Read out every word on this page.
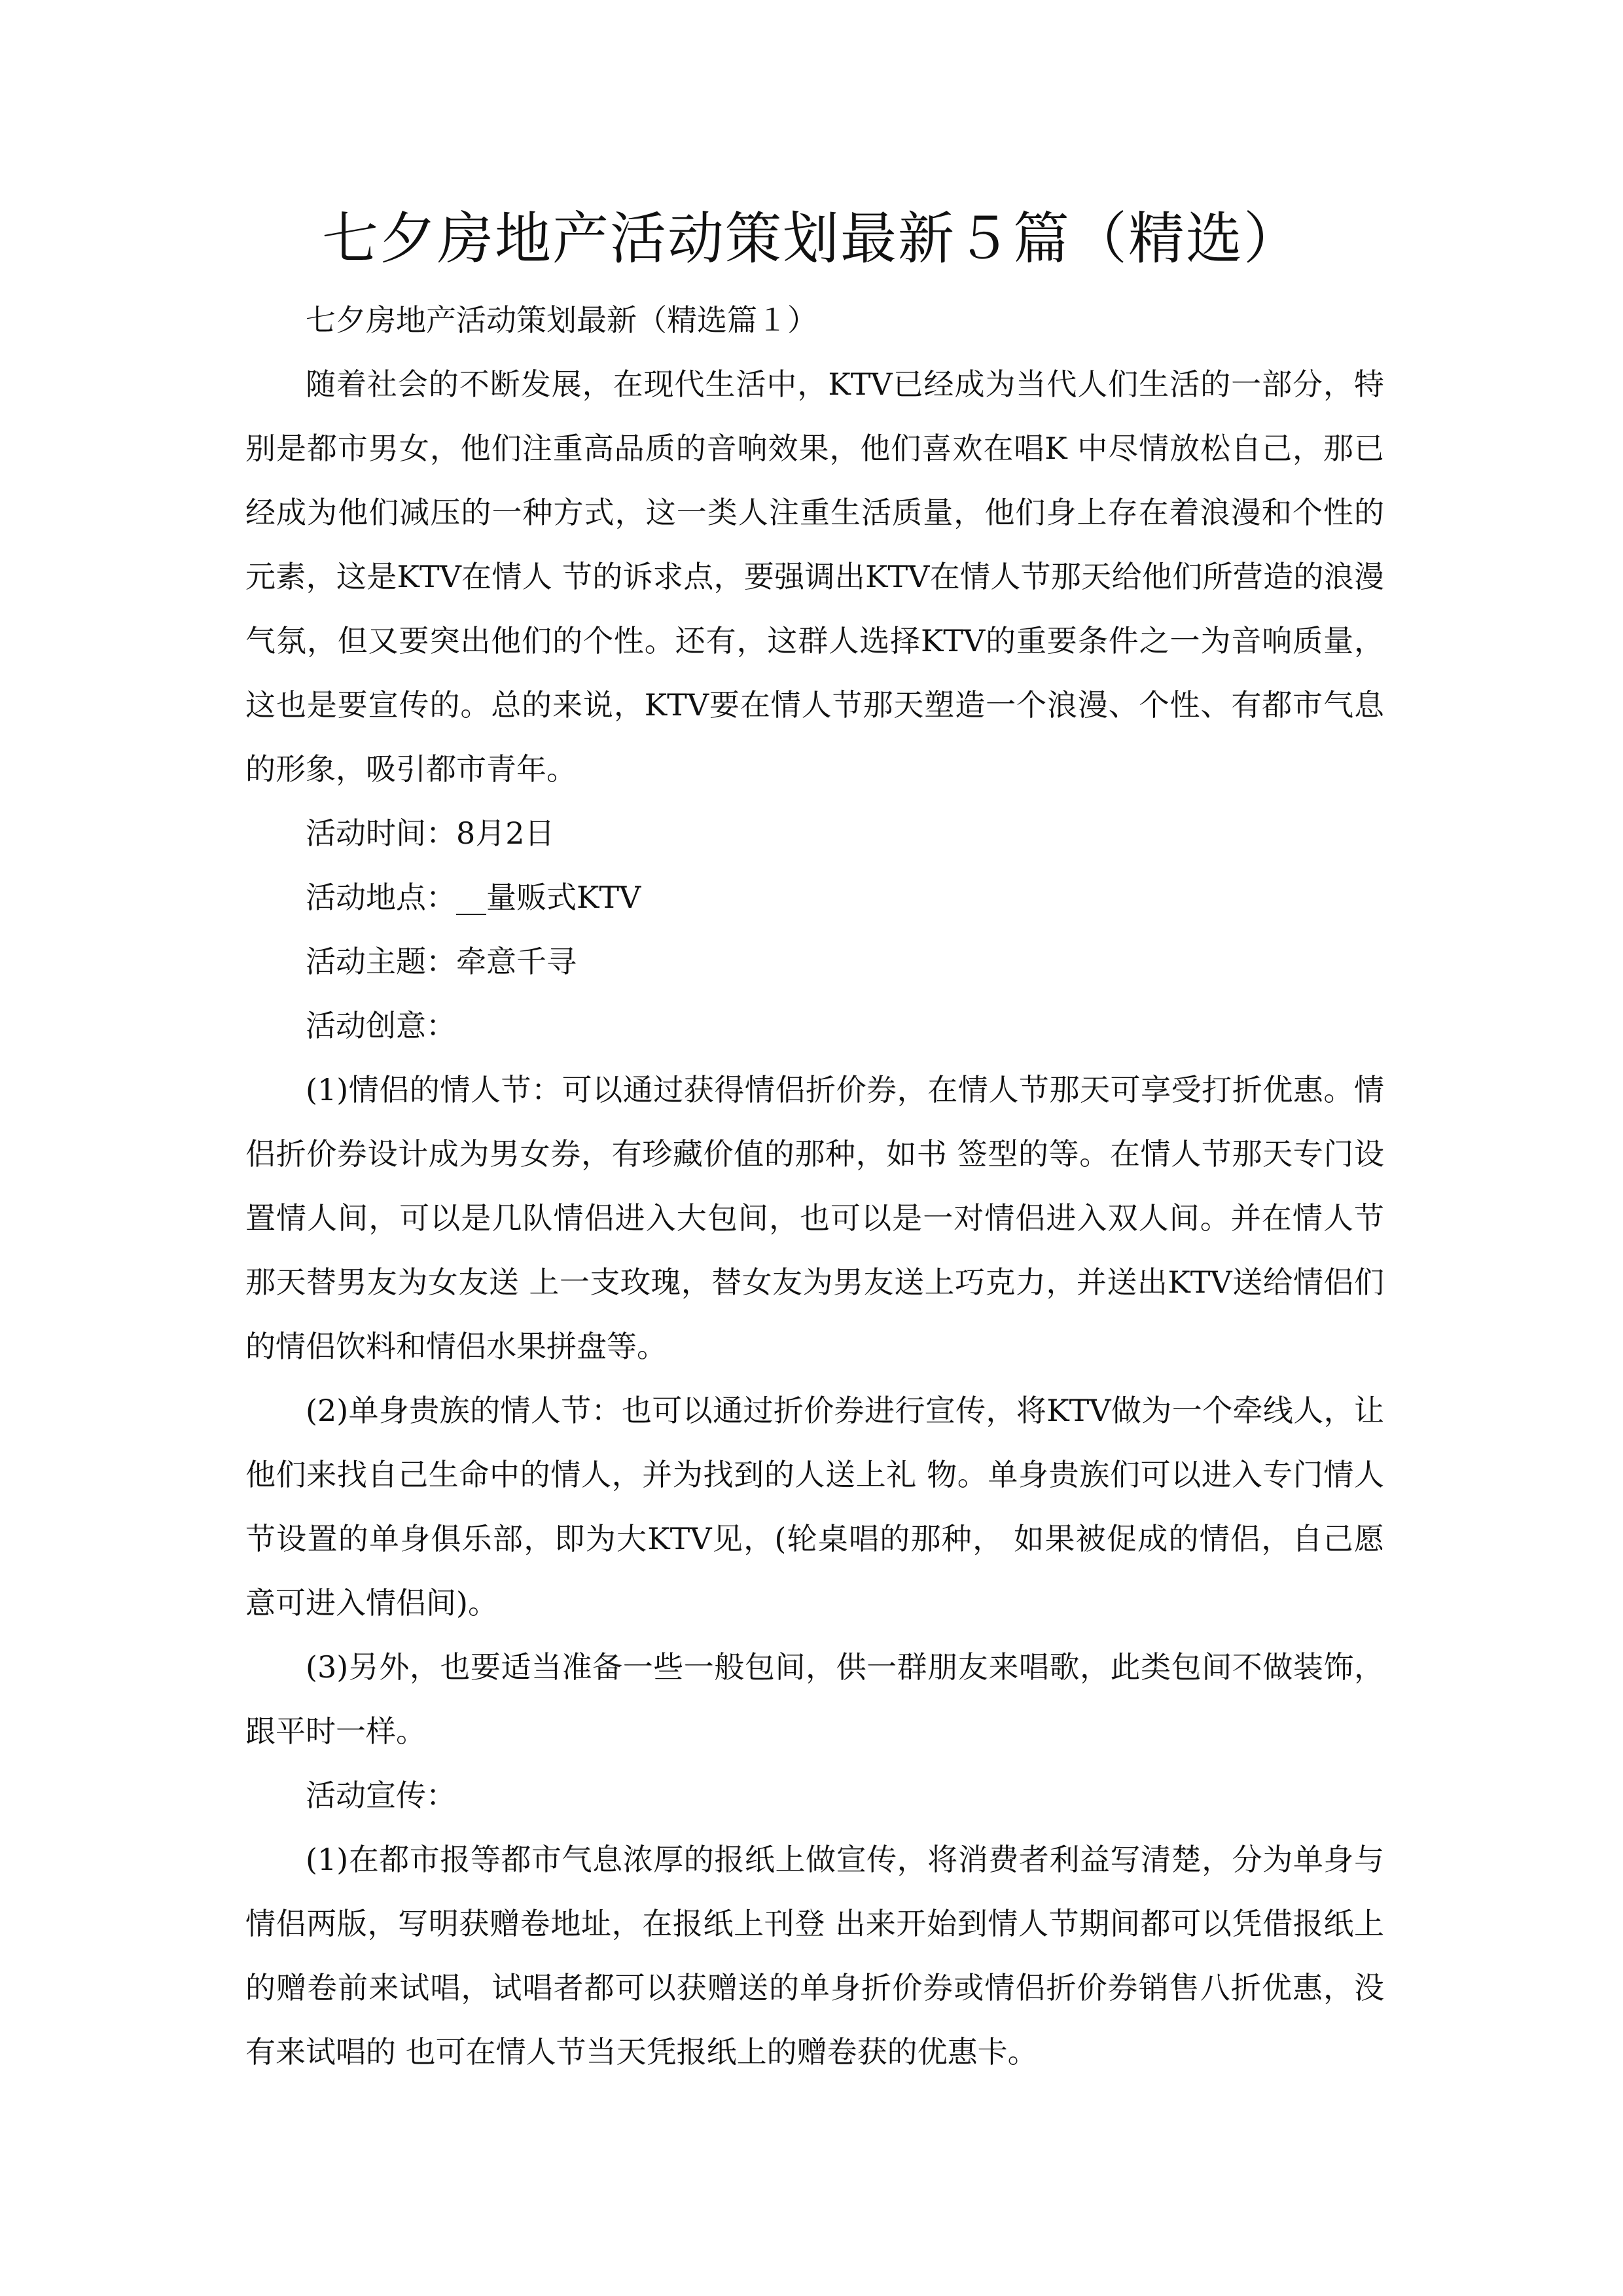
七夕房地产活动策划最新５篇（精选）

七夕房地产活动策划最新（精选篇１）

随着社会的不断发展，在现代生活中，KTV已经成为当代人们生活的一部分，特别是都市男女，他们注重高品质的音响效果，他们喜欢在唱K 中尽情放松自己，那已经成为他们减压的一种方式，这一类人注重生活质量，他们身上存在着浪漫和个性的元素，这是KTV在情人 节的诉求点，要强调出KTV在情人节那天给他们所营造的浪漫气氛，但又要突出他们的个性。还有，这群人选择KTV的重要条件之一为音响质量，这也是要宣传的。总的来说，KTV要在情人节那天塑造一个浪漫、个性、有都市气息的形象，吸引都市青年。

活动时间：8月2日

活动地点：__量贩式KTV

活动主题：牵意千寻

活动创意：

(1)情侣的情人节：可以通过获得情侣折价券，在情人节那天可享受打折优惠。情侣折价券设计成为男女券，有珍藏价值的那种，如书 签型的等。在情人节那天专门设置情人间，可以是几队情侣进入大包间，也可以是一对情侣进入双人间。并在情人节那天替男友为女友送 上一支玫瑰，替女友为男友送上巧克力，并送出KTV送给情侣们的情侣饮料和情侣水果拼盘等。

(2)单身贵族的情人节：也可以通过折价券进行宣传，将KTV做为一个牵线人，让他们来找自己生命中的情人，并为找到的人送上礼 物。单身贵族们可以进入专门情人节设置的单身俱乐部，即为大KTV见，(轮桌唱的那种， 如果被促成的情侣，自己愿意可进入情侣间)。

(3)另外，也要适当准备一些一般包间，供一群朋友来唱歌，此类包间不做装饰，跟平时一样。

活动宣传：

(1)在都市报等都市气息浓厚的报纸上做宣传，将消费者利益写清楚，分为单身与情侣两版，写明获赠卷地址，在报纸上刊登 出来开始到情人节期间都可以凭借报纸上的赠卷前来试唱，试唱者都可以获赠送的单身折价券或情侣折价券销售八折优惠，没有来试唱的 也可在情人节当天凭报纸上的赠卷获的优惠卡。
